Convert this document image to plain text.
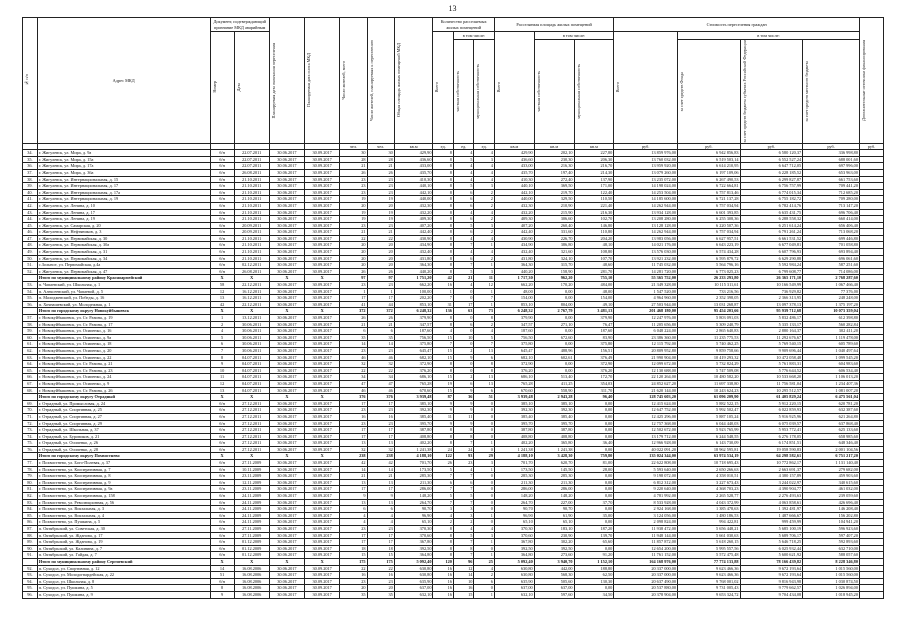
13
№ п/п	Адрес МКД	Документ, подтверждающий признание МКД аварийным		Планируемая дата окончания переселения	Планируемая дата сноса МКД	Число жителей, всего	Число жителей, планируемых к переселению	Общая площадь жилых помещений МКД	Количество расселяемых жилых помещений			Расселяемая площадь жилых помещений			Стоимость переселения граждан				Дополнительные источники финансирования

		Номер	Дата						Всего	в том числе:		Всего	в том числе:		Всего	в том числе:			

										частная собственность	муниципальная собственность		частная собственность	муниципальная собственность		за счет средств Фонда	за счет средств бюджета субъекта Российской Федерации	за счет средств местного бюджета	

						чел.	чел.	кв.м	ед.	ед.	ед.	кв.м	кв.м	кв.м	руб.	руб.	руб.	руб.	руб.
34.	г. Жигулевск, ул. Мира, д. 9а	б/н	22.07.2011	30.06.2017	30.09.2017	30	30	429,90	8	4	4	429,90	202,10	227,80	13 859 976,00	6 942 856,83	6 580 120,37	336 998,80	
35.	г. Жигулевск, ул. Мира, д. 15а	б/н	22.07.2011	30.06.2017	30.09.2017	28	28	436,60	8	5	3	436,60	230,30	206,30	13 760 032,00	6 519 503,14	6 552 527,24	688 001,60	
36.	г. Жигулевск, ул. Мира, д. 17а	б/н	22.07.2011	30.06.2017	30.09.2017	21	21	433,00	8	4	4	433,00	216,30	216,70	13 959 920,00	6 614 210,95	6 647 712,05	697 996,00	
37.	г. Жигулевск, ул. Мира, д. 36а	б/н	26.08.2011	30.06.2017	30.09.2017	26	26	435,70	8	4	4	435,70	197,40	214,30	13 079 260,00	6 197 109,06	6 228 185,52	653 963,00	
38.	г. Жигулевск, ул. Интернациональная, д. 15	б/н	21.10.2011	30.06.2017	30.09.2017	23	23	410,30	8	4	4	410,30	272,40	137,90	13 235 072,00	6 267 490,53	6 299 827,87	661 753,60	
39.	г. Жигулевск, ул. Интернациональная, д. 17	б/н	21.10.2011	30.06.2017	30.09.2017	23	23	440,10	8	5	3	440,10	369,50	171,00	14 198 024,00	6 722 664,81	6 756 757,99	709 441,20	
40.	г. Жигулевск, ул. Интернациональная, д. 17а	б/н	21.10.2011	30.06.2017	30.09.2017	23	23	442,10	8	6	2	442,10	219,70	122,40	14 253 504,00	6 757 813,46	6 774 015,34	712 685,20	
41.	г. Жигулевск, ул. Интернациональная, д. 19	б/н	21.10.2011	30.06.2017	30.09.2017	19	19	440,00	8	6	2	440,00	329,50	110,50	14 185 600,00	6 721 137,28	6 755 182,72	709 280,00	
42.	г. Жигулевск, ул. Ленина, д. 10	б/н	21.10.2011	30.06.2017	30.09.2017	20	20	432,30	8	6	2	432,30	210,90	221,40	14 262 944,00	6 757 034,94	6 782 414,76	713 147,20	
43.	г. Жигулевск, ул. Ленина, д. 17	б/н	21.10.2011	30.06.2017	30.09.2017	19	19	432,20	8	4	4	432,20	215,90	216,30	13 934 128,00	6 601 393,85	6 635 431,75	696 706,40	
44.	г. Жигулевск, ул. Ленина, д. 19	б/н	21.10.2011	30.06.2017	30.09.2017	19	19	409,30	8	6	2	409,30	306,60	102,70	13 208 280,00	6 255 308,36	6 288 558,32	660 414,00	
45.	г. Жигулевск, ул. Самарская, д. 20	б/н	20.09.2011	30.06.2017	30.09.2017	23	23	407,20	8	5	3	407,20	260,40	146,80	13 128 128,00	6 220 507,36	6 251 614,24	656 406,40	
46.	г. Жигулевск, ул. Нефтяников, д. 3	б/н	20.09.2011	30.06.2017	30.09.2017	21	21	442,40	8	6	2	442,40	331,60	110,80	14 262 944,00	6 757 034,94	6 791 261,24	713 068,20	
47.	г. Жигулевск, ул. Первомайская, д. 30	б/н	21.10.2011	30.06.2017	30.09.2017	22	22	430,90	8	4	4	430,90	226,70	204,20	13 983 056,00	6 627 957,51	6 661 531,52	699 446,80	
48.	г. Жигулевск, ул. Первомайская, д. 30а	б/н	21.10.2011	30.06.2017	30.09.2017	20	20	434,90	8	7	1	434,90	386,80	48,10	14 021 176,00	6 643 223,19	6 677 049,81	701 058,80	
49.	г. Жигулевск, ул. Первомайская, д. 31	б/н	21.10.2011	30.06.2017	30.09.2017	20	20	432,40	8	4	4	432,40	321,60	108,80	13 576 030,00	6 574 434,28	6 607 796,93	693 894,40	
50.	г. Жигулевск, ул. Первомайская, д. 34	б/н	21.10.2011	30.06.2017	30.09.2017	20	20	431,80	8	6	2	431,80	324,10	107,70	13 921 232,00	6 595 879,72	6 629 290,88	696 061,60	
51.	с.Зольное, ул. Первомайская, д.4а	б/н	02.12.2011	30.06.2017	30.09.2017	20	20	364,30	8	7	1	364,30	315,70	48,60	11 745 032,00	5 564 796,16	5 592 984,24	587 251,60	
52.	г. Жигулевск, ул. Первомайская, д. 47	б/н	26.08.2011	30.06.2017	30.09.2017	26	26	440,20	8	5	3	440,20	158,90	281,70	14 281 720,00	6 773 025,23	6 799 608,77	714 086,00	
	Итого по муниципальному району Красноармейский	X	X	X	X	97	97	1 751,20	42	21	11	1 717,30	962,20	755,10	55 365 752,00	26 233 293,80	26 365 171,10	2 768 287,60	
53.	п. Чапаевский, ул. Школьная, д. 1	58	22.12.2011	30.06.2017	30.09.2017	23	23	662,20	16	4	12	662,20	170,20	484,00	21 349 328,00	10 115 311,61	10 166 549,99	1 067 466,40	
54.	п. Алексеевский, ул. Чапаевой, д. 5	12	16.12.2011	30.06.2017	30.09.2017	1	1	100,00	1	0	1	48,00	0,00	48,00	1 547 520,00	733 216,56	736 929,82	77 376,00	
55.	п. Малоджевский, ул. Победы, д. 16	13	16.12.2011	30.06.2017	30.09.2017	17	17	202,20	7	0	7	154,00	0,00	154,00	4 964 960,00	2 352 398,05	2 366 313,95	248 248,00	
56.	п. Хочнашевский, ул. Молодежная, д. 1	42	22.12.2011	30.06.2017	30.09.2017	41	44	853,10	31	17	1	853,10	804,00	49,10	27 503 944,00	13 031 268,87	13 097 378,13	1 375 197,20	
	Итого по городскому округу Новокуйбышевск	X	X	X	X	372	372	6 248,32	136	63	73	6 248,32	2 767,79	3 481,13	201 468 180,00	95 454 203,66	95 939 712,68	10 073 359,04	
57.	г. Новокуйбышевск, ул. Ст. Разина, д. 19	1	13.12.2011	30.06.2017	30.09.2017	26	26	379,90	8	0	8	379,90	0,00	379,90	12 247 976,00	5 803 091,03	5 832 486,17	612 398,80	
58.	г. Новокуйбышевск, ул. Ст. Разина, д. 17	2	30.06.2011	30.06.2017	30.09.2017	21	21	347,57	8	6	2	347,57	271,10	76,47	11 205 656,80	5 309 240,79	5 335 133,17	560 282,84	
59.	г. Новокуйбышевск, ул. Осипенко, д. 16	4	30.06.2011	30.06.2017	30.09.2017	6	6	187,60	4	0	4	187,60	0,00	187,60	6 048 224,00	2 865 640,83	2 880 164,37	302 411,20	
60.	г. Новокуйбышевск, ул. Осипенко, д. 9а	5	30.06.2011	30.06.2017	30.09.2017	35	35	756,50	15	10	5	756,50	672,60	83,90	23 386 360,00	11 235 775,53	11 292 676,67	1 119 478,00	
61.	г. Новокуйбышевск, ул. Осипенко, д. 18	6	30.06.2011	30.06.2017	30.09.2017	14	14	375,80	7	0	7	375,80	0,00	375,80	12 115 792,00	5 740 462,25	5 769 540,15	605 789,60	
62.	г. Новокуйбышевск, ул. Осипенко, д. 20	7	30.06.2011	30.06.2017	30.09.2017	23	23	645,47	15	2	13	645,47	488,96	156,51	20 809 952,80	9 859 758,66	9 909 696,44	1 040 497,64	
63.	г. Новокуйбышевск, ул. Осипенко, д. 22	8	04.07.2011	30.06.2017	30.09.2017	46	46	682,10	15	9	6	682,10	602,61	376,49	21 990 904,00	10 419 293,32	10 472 058,48	1 099 545,20	
64.	г. Новокуйбышевск, ул. Ст. Разина, д. 21	9	04.07.2011	30.06.2017	30.09.2017	32	32	372,90	8	0	8	372,90	0,00	372,90	12 099 672,00	5 732 824,29	5 761 883,31	604 983,60	
65.	г. Новокуйбышевск, ул. Ст. Разина, д. 23	10	04.07.2011	30.06.2017	30.09.2017	22	22	376,20	8	0	8	376,20	0,00	376,20	12 130 688,00	5 747 509,08	5 776 644,52	606 534,40	
66.	г. Новокуйбышевск, ул. Осипенко, д. 24	11	04.07.2011	30.06.2017	30.09.2017	34	34	686,10	15	2	13	686,10	513,40	172,70	22 120 264,00	10 480 582,20	10 533 668,20	1 106 013,20	
67.	г. Новокуйбышевск, ул. Осипенко, д. 9	12	04.07.2011	30.06.2017	30.09.2017	47	47	765,28	19	6	13	765,28	411,25	354,03	24 852 627,20	11 697 338,80	11 756 581,04	1 234 407,36	
68.	г. Новокуйбышевск, ул. Ст. Разина, д. 26	13	04.07.2011	30.06.2017	30.09.2017	46	46	670,60	15	9	6	670,60	558,90	311,70	21 620 144,00	10 243 624,23	10 295 512,57	1 081 007,20	
	Итого по городскому округу Отрадный	X	X	X	X	376	376	3 939,48	87	36	51	3 939,48	2 943,28	96,40	128 745 603,20	61 096 209,90	61 405 829,24	6 475 561,04	
69.	г. Отрадный, ул. Промысловая, д. 24	б/н	27.12.2011	30.06.2017	30.09.2017	17	17	385,10	9	9	0	385,10	385,10	0,00	12 415 624,00	5 882 522,15	5 912 220,15	620 781,20	
70.	г. Отрадный, ул. Спортивная, д. 25	б/н	27.12.2011	30.06.2017	30.09.2017	23	23	392,30	9	9	0	392,30	392,30	0,00	12 647 752,00	5 992 502,47	6 022 859,93	632 387,60	
71.	г. Отрадный, ул. Спортивная, д. 27	б/н	27.12.2011	30.06.2017	30.09.2017	16	16	385,40	11	11	0	385,40	385,40	0,00	12 425 296,00	5 887 105,24	5 916 925,96	621 264,80	
72.	г. Отрадный, ул. Спортивная, д. 29	б/н	27.12.2011	30.06.2017	30.09.2017	23	23	395,70	9	9	0	395,70	395,70	0,00	12 757 368,00	6 044 440,03	6 075 039,57	637 868,40	
73.	г. Отрадный, ул. Школьная, д. 37	б/н	27.12.2011	30.06.2017	30.09.2017	17	17	387,80	8	8	0	387,80	387,80	0,00	12 502 672,00	5 923 765,99	5 953 772,41	625 133,60	
74.	г. Отрадный, ул. Буровиков, д. 21	б/н	27.12.2011	30.06.2017	30.09.2017	17	17	408,80	8	8	0	408,80	408,80	0,00	13 179 712,00	6 244 548,55	6 276 178,05	658 985,60	
75.	г. Отрадный, ул. Осипенко, д. 26	б/н	27.12.2011	30.06.2017	30.09.2017	13	13	402,20	8	7	1	402,20	365,80	36,40	12 966 928,00	6 143 730,09	6 174 851,51	648 346,40	
76.	г. Отрадный, ул. Осипенко, д. 28	б/н	27.12.2011	30.06.2017	30.09.2017	32	32	1 241,38	24	24	0	1 241,38	1 241,38	0,00	40 022 091,20	18 962 595,81	19 058 590,83	2 001 104,56	
	Итого по городскому округу Похвистнево	X	X	X	X	238	238	4 188,10	122	93	29	4 188,10	3 428,30	759,80	135 024 344,00	63 974 534,19	64 298 582,61	6 751 217,20	
77.	г. Похвистнево, ул. Бого-Полевая, д. 37	б/н	27.11.2009	30.06.2017	30.09.2017	42	42	701,70	26	23	3	701,70	620,70	81,00	22 622 808,00	10 718 695,43	10 772 862,17	1 131 140,40	
78.	г. Похвистнево, ул. Кооперативная, д. 7	б/н	10.11.2009	30.06.2017	30.09.2017	14	14	173,50	5	4	1	173,50	145,50	28,00	5 593 640,00	2 650 266,63	2 663 691,37	279 682,00	
79.	г. Похвистнево, ул. Кооперативная, д. 8	б/н	23.11.2009	30.06.2017	30.09.2017	21	21	285,30	7	7	0	285,30	285,30	0,00	9 198 072,00	4 358 010,51	4 380 157,89	459 903,60	
80.	г. Похвистнево, ул. Кооперативная, д. 9	б/н	12.11.2009	30.06.2017	30.09.2017	13	13	211,30	6	6	0	211,30	211,30	0,00	6 812 312,00	3 227 673,43	3 244 022,97	340 615,60	
81.	г. Похвистнево, ул. Кооперативная, д. 9а	б/н	23.11.2009	30.06.2017	30.09.2017	17	17	286,00	7	7	0	286,00	286,00	0,00	9 220 640,00	4 368 703,23	4 390 904,77	461 032,00	
82.	г. Похвистнево, ул. Кооперативная, д. 158	б/н	24.11.2009	30.06.2017	30.09.2017	9	9	148,20	5	5	0	148,20	148,20	0,00	4 781 992,00	2 265 528,77	2 276 493,63	239 059,60	
83.	г. Похвистнево, ул. Революционная, д. 56	б/н	24.11.2009	30.06.2017	30.09.2017	13	13	264,70	7	7	0	264,70	227,00	37,70	8 533 928,00	4 043 372,99	4 063 858,61	426 696,40	
84.	г. Похвистнево, ул. Вокзальная, д. 3	б/н	24.11.2009	30.06.2017	30.09.2017	6	6	90,70	3	3	0	90,70	90,70	0,00	2 924 168,00	1 385 478,63	1 392 481,97	146 208,40	
85.	г. Похвистнево, ул. Вокзальная, д. 4	б/н	24.11.2009	30.06.2017	30.09.2017	4	4	96,90	4	3	1	96,90	61,90	35,00	3 124 056,00	1 480 186,53	1 487 666,67	156 202,80	
86.	г. Похвистнево, ул. Пушкина, д. 5	б/н	24.11.2009	30.06.2017	30.09.2017	4	4	65,10	2	2	0	65,10	65,10	0,00	2 098 824,00	994 422,81	999 459,99	104 941,20	
87.	п. Октябрьский, ул. Советская, д. 30	б/н	27.11.2009	30.06.2017	30.09.2017	23	23	370,30	8	4	4	370,30	183,10	187,20	11 938 472,00	5 656 448,21	5 685 100,19	596 923,60	
88.	п. Октябрьский, ул. Жданова, д. 17	б/н	27.11.2009	30.06.2017	30.09.2017	17	17	370,60	8	5	3	370,60	230,90	139,70	11 948 144,00	5 661 030,63	5 689 706,17	597 407,20	
89.	п. Октябрьский, ул. Жданова, д. 19	б/н	01.12.2009	30.06.2017	30.09.2017	17	17	367,80	8	7	1	367,80	302,20	65,60	11 857 872,00	5 618 260,15	5 646 718,25	592 893,60	
90.	п. Октябрьский, ул. Калинина, д. 7	б/н	01.12.2009	30.06.2017	30.09.2017	18	18	392,50	8	8	0	392,50	392,50	0,00	12 654 200,00	5 995 557,56	6 025 932,44	632 710,00	
91.	п. Октябрьский, ул. Гайдая, д. 7	б/н	01.12.2009	30.06.2017	30.09.2017	15	15	364,80	8	7	1	364,80	273,60	91,20	11 761 152,00	5 572 475,48	5 600 621,92	588 057,60	
	Итого по муниципальному району Сергиевский	X	X	X	X	175	175	5 092,40	120	96	25	5 092,40	3 940,70	1 152,10	164 168 976,00	77 774 133,88	78 166 439,82	8 228 346,80	
92.	п. Суходол, ул. Спортивная, д. 12	14	16.08.2006	30.06.2017	30.09.2017	22	22	630,80	16	12	4	630,80	442,00	188,80	20 337 000,00	9 623 466,36	9 672 193,64	1 015 560,00	
93.	п. Суходол, ул. Молодогвардейская, д. 22	51	16.08.2006	30.06.2017	30.09.2017	16	16	630,80	16	14	2	630,80	568,30	62,50	20 337 000,00	9 623 466,36	9 672 193,64	1 015 560,00	
94.	п. Суходол, ул. Школьная, д. 8	б/н	16.08.2006	30.06.2017	30.09.2017	23	23	635,90	16	10	6	635,90	505,60	130,30	20 637 490,00	9 768 001,02	9 816 943,98	1 030 874,50	
95.	п. Суходол, ул. Пушкина, д. 5	8	16.08.2006	30.06.2017	30.09.2017	20	20	637,00	16	16	0	637,00	637,00	0,00	20 537 880,00	9 731 005,43	9 779 662,57	1 026 894,00	
96.	п. Суходол, ул. Пушкина, д. 9	9	16.08.2006	30.06.2017	30.09.2017	35	35	632,10	16	15	1	632,10	597,60	34,50	20 378 904,00	9 653 324,72	9 704 434,08	1 018 945,20	
